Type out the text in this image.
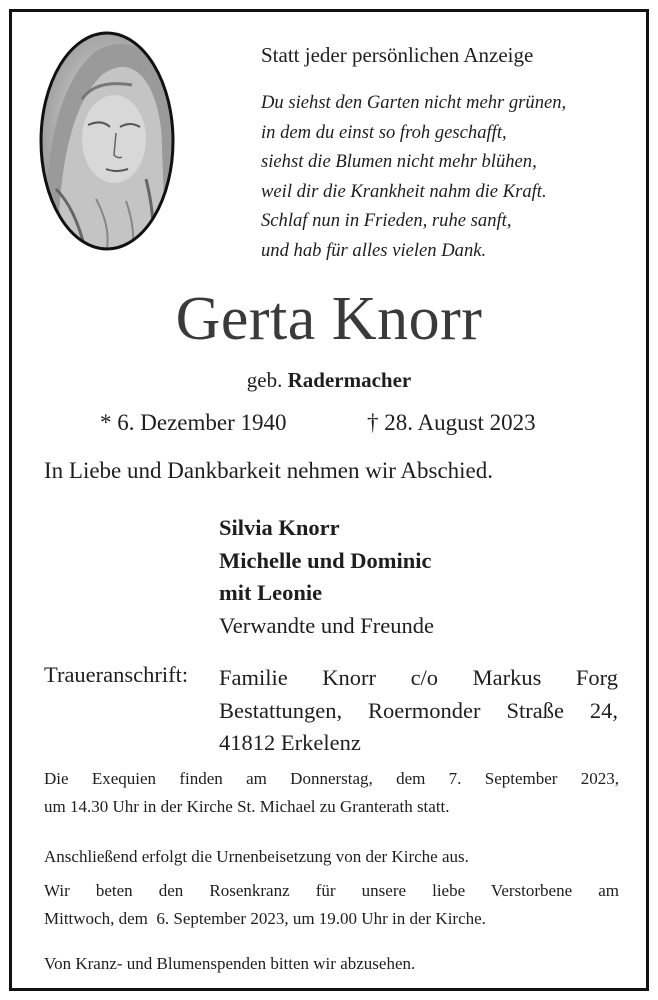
Statt jeder persönlichen Anzeige
Du siehst den Garten nicht mehr grünen,
in dem du einst so froh geschafft,
siehst die Blumen nicht mehr blühen,
weil dir die Krankheit nahm die Kraft.
Schlaf nun in Frieden, ruhe sanft,
und hab für alles vielen Dank.
Gerta Knorr
geb. Radermacher
* 6. Dezember 1940	† 28. August 2023
In Liebe und Dankbarkeit nehmen wir Abschied.
Silvia Knorr
Michelle und Dominic
mit Leonie
Verwandte und Freunde
Traueranschrift: Familie Knorr c/o Markus Forg
Bestattungen, Roermonder Straße 24,
41812 Erkelenz
Die Exequien finden am Donnerstag, dem 7. September 2023,
um 14.30 Uhr in der Kirche St. Michael zu Granterath statt.
Anschließend erfolgt die Urnenbeisetzung von der Kirche aus.
Wir beten den Rosenkranz für unsere liebe Verstorbene am
Mittwoch, dem  6. September 2023, um 19.00 Uhr in der Kirche.
Von Kranz- und Blumenspenden bitten wir abzusehen.
